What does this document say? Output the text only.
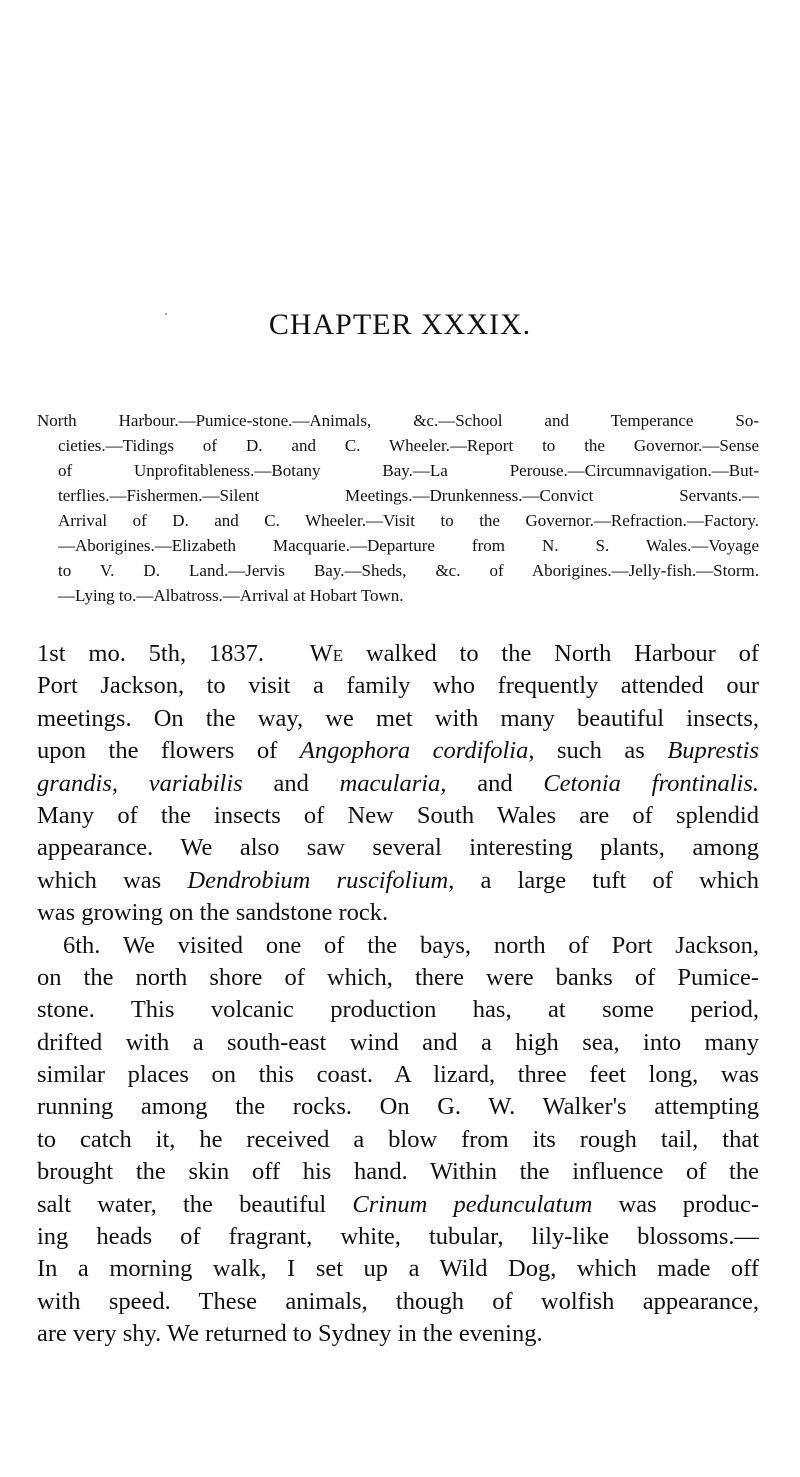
CHAPTER XXXIX.
North Harbour.—Pumice-stone.—Animals, &c.—School and Temperance So-
cieties.—Tidings of D. and C. Wheeler.—Report to the Governor.—Sense
of Unprofitableness.—Botany Bay.—La Perouse.—Circumnavigation.—But-
terflies.—Fishermen.—Silent Meetings.—Drunkenness.—Convict Servants.—
Arrival of D. and C. Wheeler.—Visit to the Governor.—Refraction.—Factory.
—Aborigines.—Elizabeth Macquarie.—Departure from N. S. Wales.—Voyage
to V. D. Land.—Jervis Bay.—Sheds, &c. of Aborigines.—Jelly-fish.—Storm.
—Lying to.—Albatross.—Arrival at Hobart Town.
1st mo. 5th, 1837. We walked to the North Harbour of
Port Jackson, to visit a family who frequently attended our
meetings. On the way, we met with many beautiful insects,
upon the flowers of Angophora cordifolia, such as Buprestis
grandis, variabilis and macularia, and Cetonia frontinalis.
Many of the insects of New South Wales are of splendid
appearance. We also saw several interesting plants, among
which was Dendrobium ruscifolium, a large tuft of which
was growing on the sandstone rock.
6th. We visited one of the bays, north of Port Jackson,
on the north shore of which, there were banks of Pumice-
stone. This volcanic production has, at some period,
drifted with a south-east wind and a high sea, into many
similar places on this coast. A lizard, three feet long, was
running among the rocks. On G. W. Walker's attempting
to catch it, he received a blow from its rough tail, that
brought the skin off his hand. Within the influence of the
salt water, the beautiful Crinum pedunculatum was produc-
ing heads of fragrant, white, tubular, lily-like blossoms.—
In a morning walk, I set up a Wild Dog, which made off
with speed. These animals, though of wolfish appearance,
are very shy. We returned to Sydney in the evening.
